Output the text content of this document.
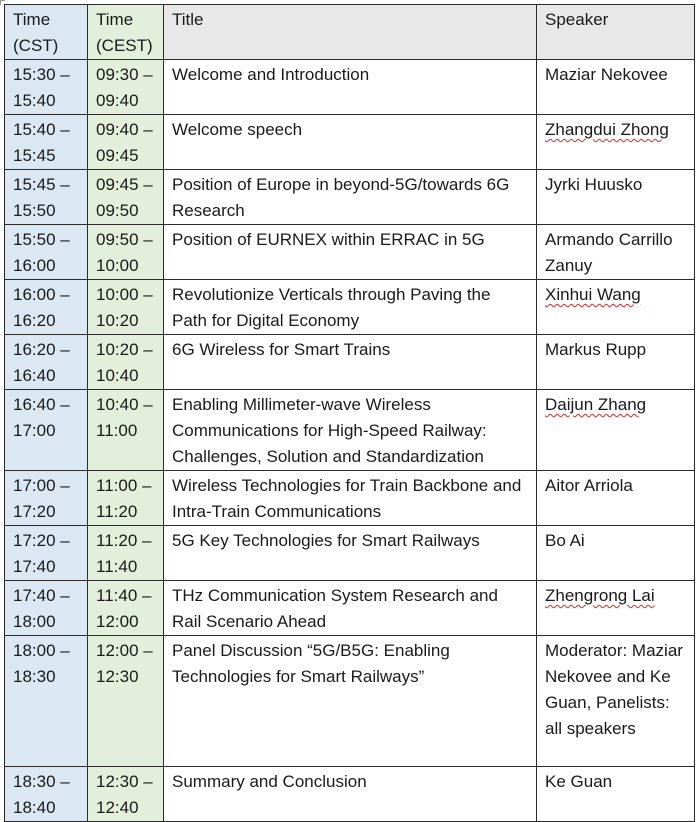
Time (CST)	Time (CEST)	Title	Speaker
15:30 – 15:40	09:30 – 09:40	Welcome and Introduction	Maziar Nekovee
15:40 – 15:45	09:40 – 09:45	Welcome speech	Zhangdui Zhong
15:45 – 15:50	09:45 – 09:50	Position of Europe in beyond-5G/towards 6G Research	Jyrki Huusko
15:50 – 16:00	09:50 – 10:00	Position of EURNEX within ERRAC in 5G	Armando Carrillo Zanuy
16:00 – 16:20	10:00 – 10:20	Revolutionize Verticals through Paving the Path for Digital Economy	Xinhui Wang
16:20 – 16:40	10:20 – 10:40	6G Wireless for Smart Trains	Markus Rupp
16:40 – 17:00	10:40 – 11:00	Enabling Millimeter-wave Wireless Communications for High-Speed Railway: Challenges, Solution and Standardization	Daijun Zhang
17:00 – 17:20	11:00 – 11:20	Wireless Technologies for Train Backbone and Intra-Train Communications	Aitor Arriola
17:20 – 17:40	11:20 – 11:40	5G Key Technologies for Smart Railways	Bo Ai
17:40 – 18:00	11:40 – 12:00	THz Communication System Research and Rail Scenario Ahead	Zhengrong Lai
18:00 – 18:30	12:00 – 12:30	Panel Discussion “5G/B5G: Enabling Technologies for Smart Railways”	Moderator: Maziar Nekovee and Ke Guan, Panelists: all speakers
18:30 – 18:40	12:30 – 12:40	Summary and Conclusion	Ke Guan
